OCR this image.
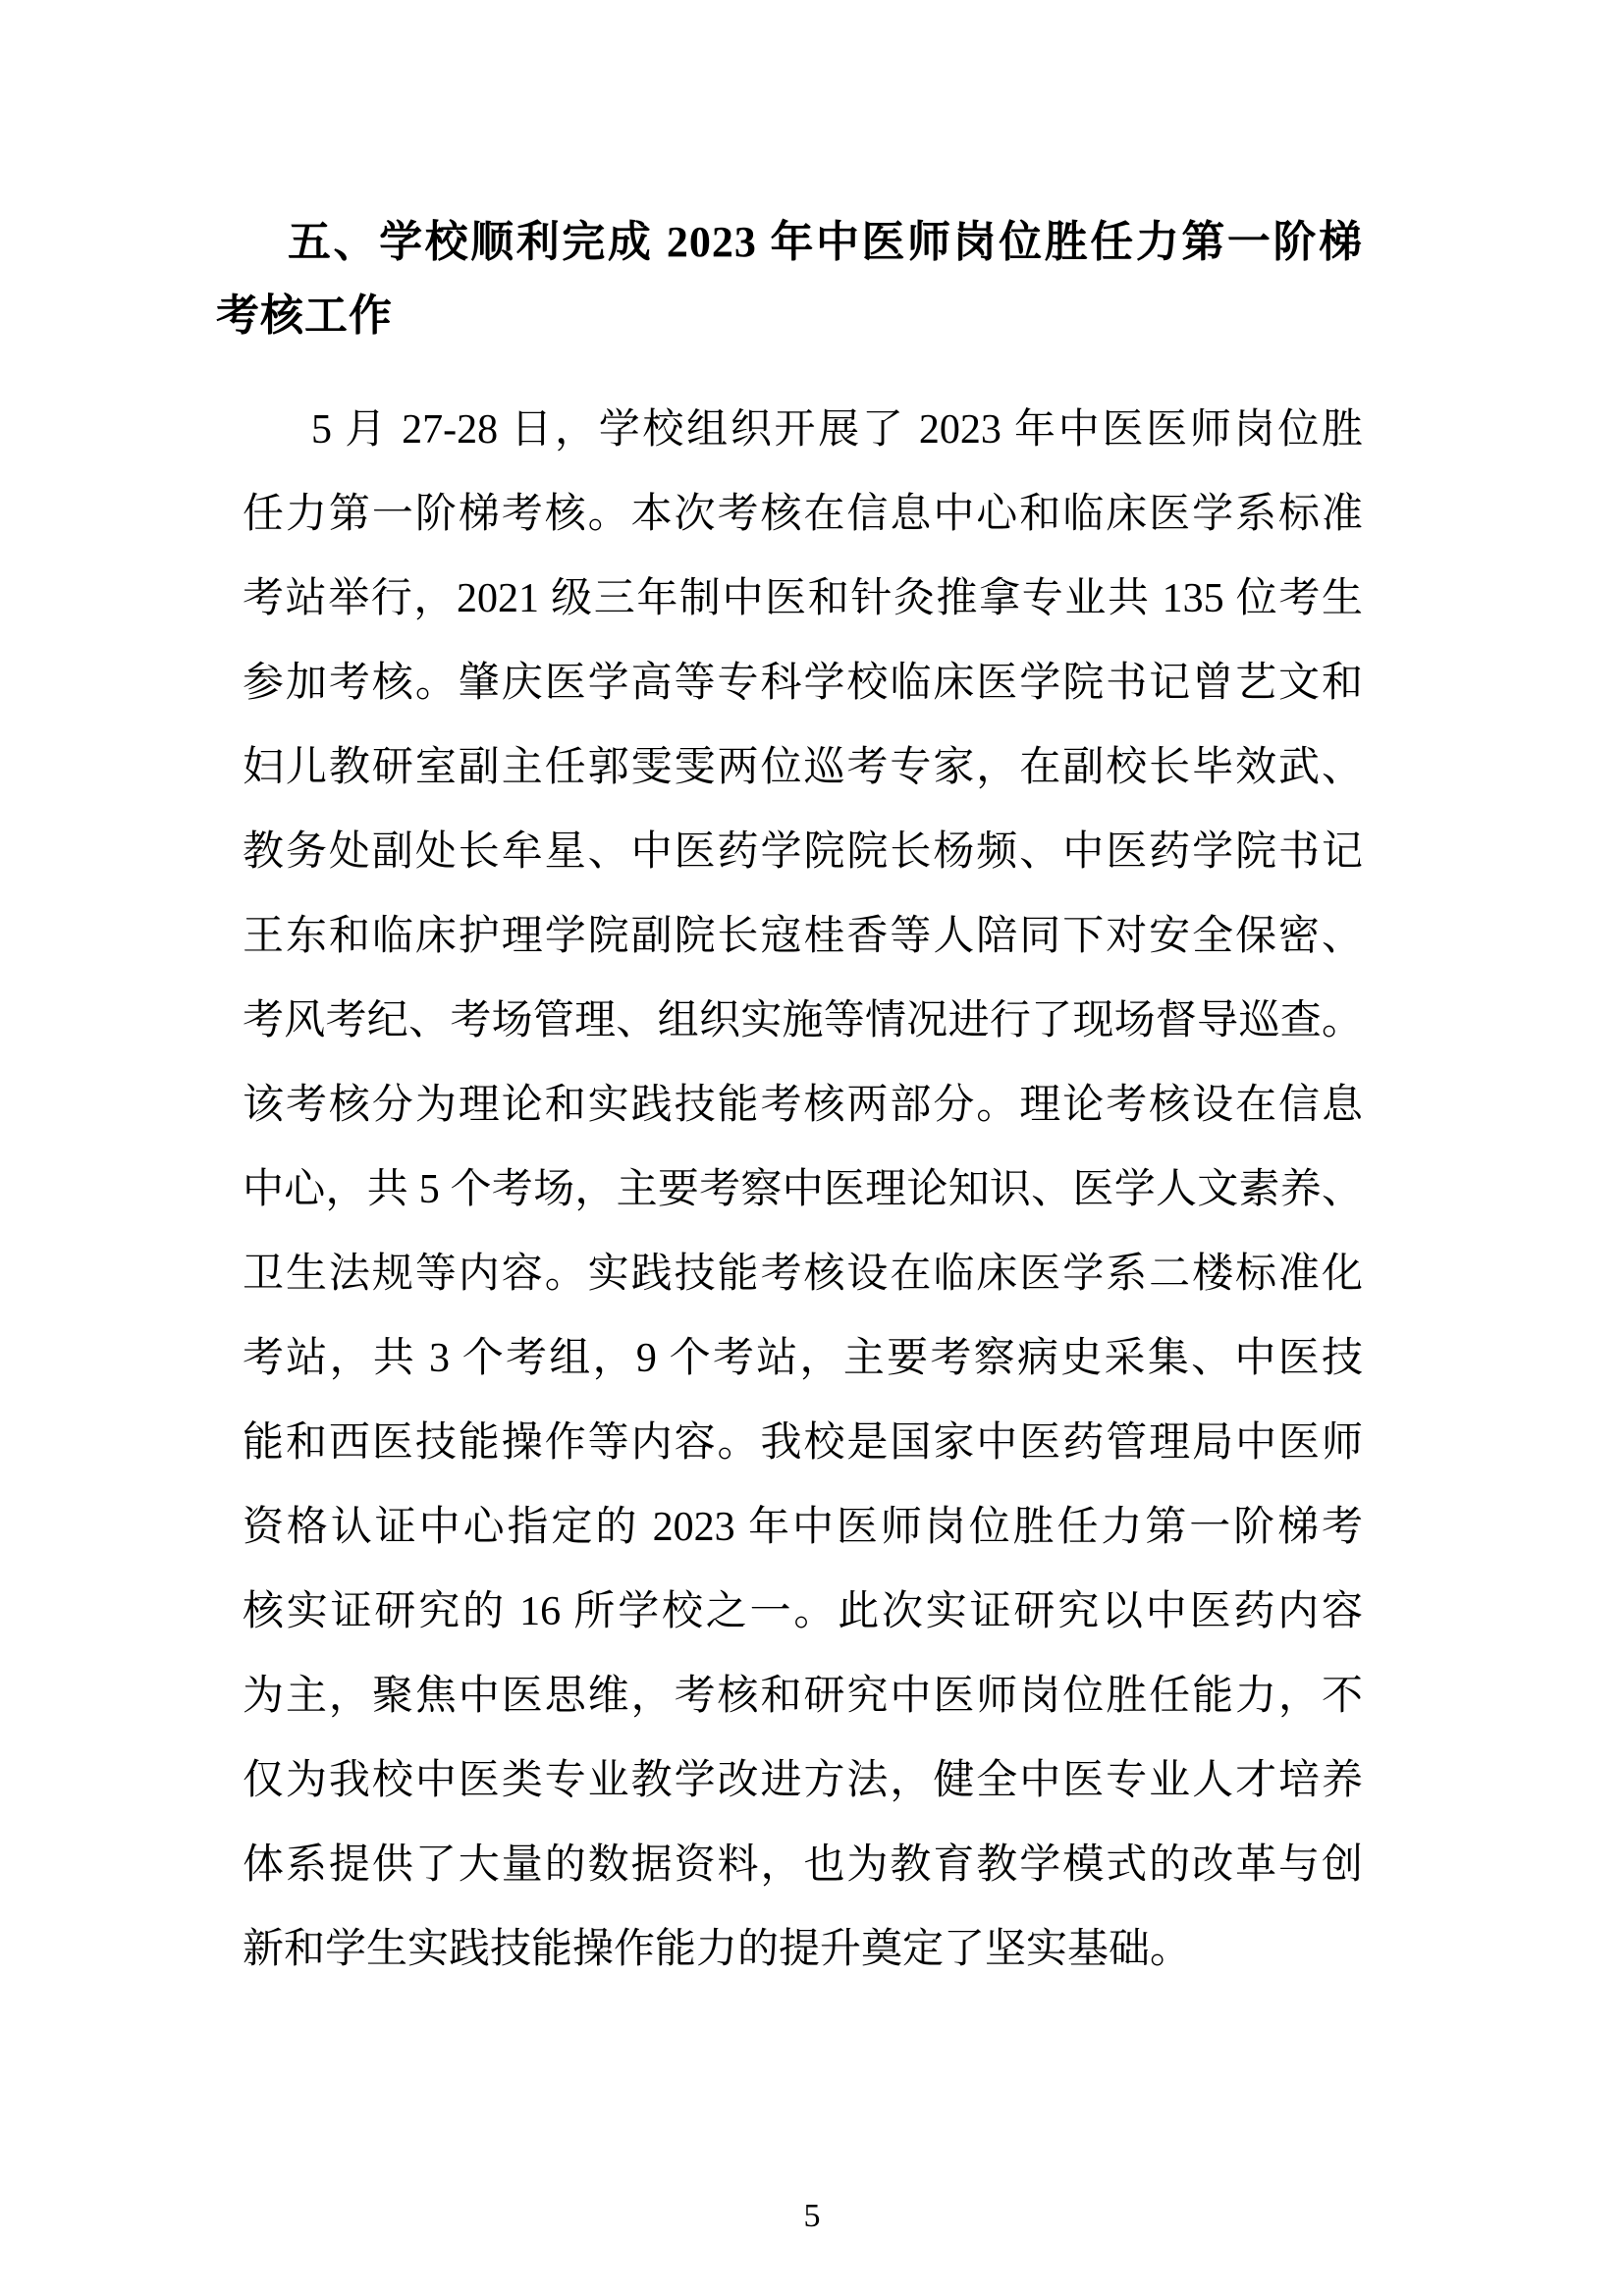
五、学校顺利完成 2023 年中医师岗位胜任力第一阶梯
考核工作
5 月 27-28 日，学校组织开展了 2023 年中医医师岗位胜
任力第一阶梯考核。本次考核在信息中心和临床医学系标准
考站举行，2021 级三年制中医和针灸推拿专业共 135 位考生
参加考核。肇庆医学高等专科学校临床医学院书记曾艺文和
妇儿教研室副主任郭雯雯两位巡考专家，在副校长毕效武、
教务处副处长牟星、中医药学院院长杨频、中医药学院书记
王东和临床护理学院副院长寇桂香等人陪同下对安全保密、
考风考纪、考场管理、组织实施等情况进行了现场督导巡查。
该考核分为理论和实践技能考核两部分。理论考核设在信息
中心，共 5 个考场，主要考察中医理论知识、医学人文素养、
卫生法规等内容。实践技能考核设在临床医学系二楼标准化
考站，共 3 个考组，9 个考站，主要考察病史采集、中医技
能和西医技能操作等内容。我校是国家中医药管理局中医师
资格认证中心指定的 2023 年中医师岗位胜任力第一阶梯考
核实证研究的 16 所学校之一。此次实证研究以中医药内容
为主，聚焦中医思维，考核和研究中医师岗位胜任能力，不
仅为我校中医类专业教学改进方法，健全中医专业人才培养
体系提供了大量的数据资料，也为教育教学模式的改革与创
新和学生实践技能操作能力的提升奠定了坚实基础。
5
